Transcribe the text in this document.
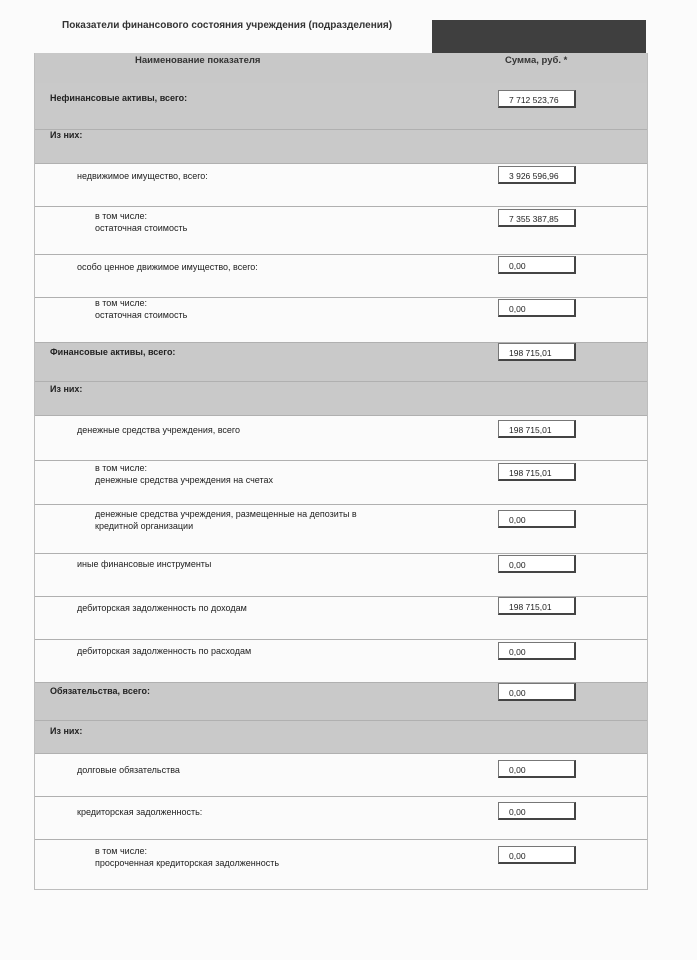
Показатели финансового состояния учреждения (подразделения)
Наименование показателя	Сумма, руб. *
Нефинансовые активы, всего:	7 712 523,76
Из них:
недвижимое имущество, всего:	3 926 596,96
в том числе:
остаточная стоимость
7 355 387,85
особо ценное движимое имущество, всего:	0,00
в том числе:
остаточная стоимость
0,00
Финансовые активы, всего:	198 715,01
Из них:
денежные средства учреждения, всего	198 715,01
в том числе:
денежные средства учреждения на счетах
198 715,01
денежные средства учреждения, размещенные на депозиты в
кредитной организации
0,00
иные финансовые инструменты	0,00
дебиторская задолженность по доходам	198 715,01
дебиторская задолженность по расходам	0,00
Обязательства, всего:	0,00
Из них:
долговые обязательства	0,00
кредиторская задолженность:	0,00
в том числе:
просроченная кредиторская задолженность
0,00
